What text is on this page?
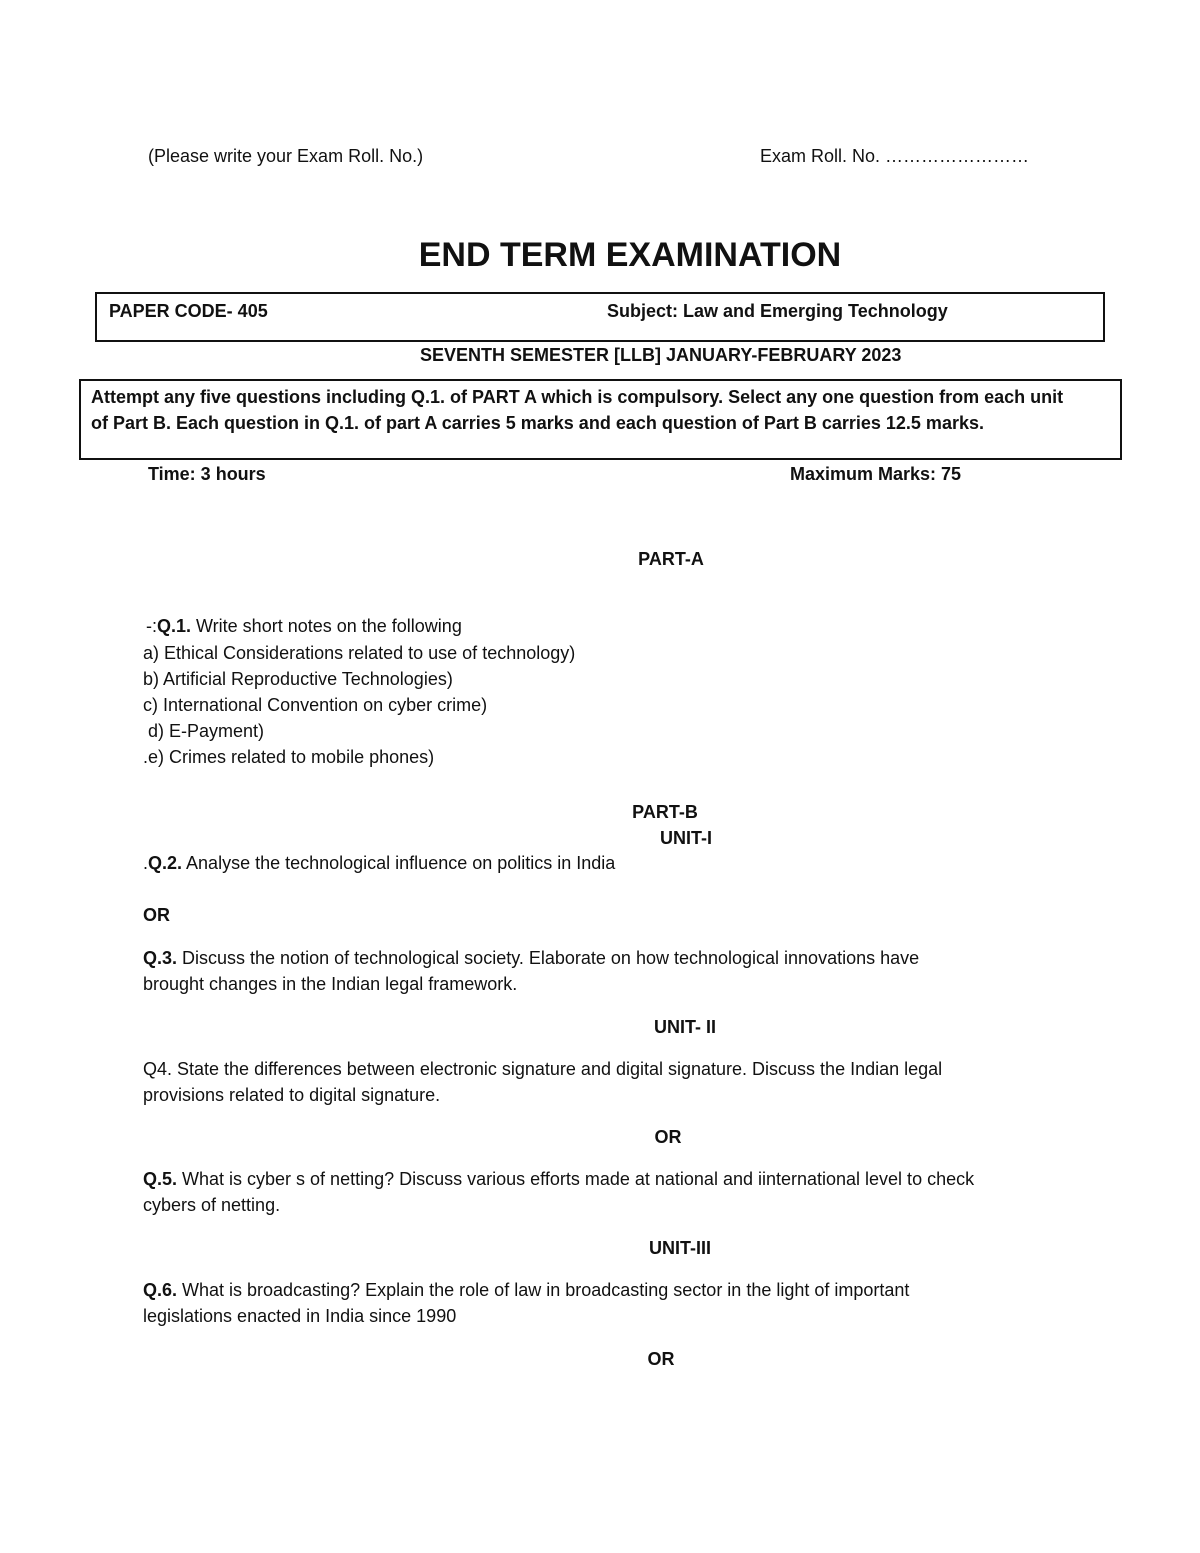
(Please write your Exam Roll. No.)	Exam Roll. No. ……………………
END TERM EXAMINATION
PAPER CODE- 405	Subject: Law and Emerging Technology
SEVENTH SEMESTER [LLB] JANUARY-FEBRUARY 2023
Attempt any five questions including Q.1. of PART A which is compulsory. Select any one question from each unit
of Part B. Each question in Q.1. of part A carries 5 marks and each question of Part B carries 12.5 marks.
Time: 3 hours	Maximum Marks: 75
PART-A
-:Q.1. Write short notes on the following
a) Ethical Considerations related to use of technology)
b) Artificial Reproductive Technologies)
c) International Convention on cyber crime)
d) E-Payment)
.e) Crimes related to mobile phones)
PART-B
UNIT-I
.Q.2. Analyse the technological influence on politics in India
OR
Q.3. Discuss the notion of technological society. Elaborate on how technological innovations have
brought changes in the Indian legal framework.
UNIT- II
Q4. State the differences between electronic signature and digital signature. Discuss the Indian legal
provisions related to digital signature.
OR
Q.5. What is cyber s of netting? Discuss various efforts made at national and iinternational level to check
cybers of netting.
UNIT-III
Q.6. What is broadcasting? Explain the role of law in broadcasting sector in the light of important
legislations enacted in India since 1990
OR
